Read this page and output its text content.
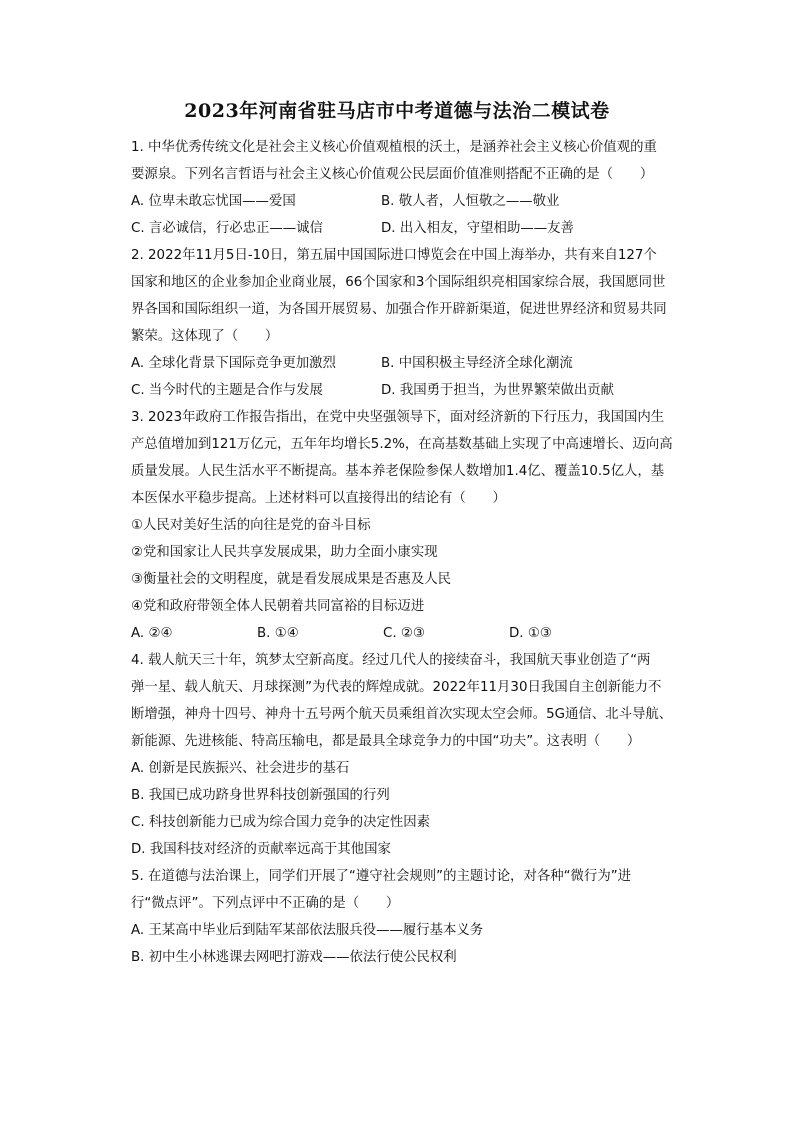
2023年河南省驻马店市中考道德与法治二模试卷
1. 中华优秀传统文化是社会主义核心价值观植根的沃土，是涵养社会主义核心价值观的重
要源泉。下列名言哲语与社会主义核心价值观公民层面价值准则搭配不正确的是（　　）
A. 位卑未敢忘忧国——爱国	B. 敬人者，人恒敬之——敬业
C. 言必诚信，行必忠正——诚信	D. 出入相友，守望相助——友善
2. 2022年11月5日-10日，第五届中国国际进口博览会在中国上海举办，共有来自127个
国家和地区的企业参加企业商业展，66个国家和3个国际组织亮相国家综合展，我国愿同世
界各国和国际组织一道，为各国开展贸易、加强合作开辟新渠道，促进世界经济和贸易共同
繁荣。这体现了（　　）
A. 全球化背景下国际竞争更加激烈	B. 中国积极主导经济全球化潮流
C. 当今时代的主题是合作与发展	D. 我国勇于担当，为世界繁荣做出贡献
3. 2023年政府工作报告指出，在党中央坚强领导下，面对经济新的下行压力，我国国内生
产总值增加到121万亿元，五年年均增长5.2%，在高基数基础上实现了中高速增长、迈向高
质量发展。人民生活水平不断提高。基本养老保险参保人数增加1.4亿、覆盖10.5亿人，基
本医保水平稳步提高。上述材料可以直接得出的结论有（　　）
①人民对美好生活的向往是党的奋斗目标
②党和国家让人民共享发展成果，助力全面小康实现
③衡量社会的文明程度，就是看发展成果是否惠及人民
④党和政府带领全体人民朝着共同富裕的目标迈进
A. ②④	B. ①④	C. ②③	D. ①③
4. 载人航天三十年，筑梦太空新高度。经过几代人的接续奋斗，我国航天事业创造了“两
弹一星、载人航天、月球探测”为代表的辉煌成就。2022年11月30日我国自主创新能力不
断增强，神舟十四号、神舟十五号两个航天员乘组首次实现太空会师。5G通信、北斗导航、
新能源、先进核能、特高压输电，都是最具全球竞争力的中国“功夫”。这表明（　　）
A. 创新是民族振兴、社会进步的基石
B. 我国已成功跻身世界科技创新强国的行列
C. 科技创新能力已成为综合国力竞争的决定性因素
D. 我国科技对经济的贡献率远高于其他国家
5. 在道德与法治课上，同学们开展了“遵守社会规则”的主题讨论，对各种“微行为”进
行“微点评”。下列点评中不正确的是（　　）
A. 王某高中毕业后到陆军某部依法服兵役——履行基本义务
B. 初中生小林逃课去网吧打游戏——依法行使公民权利
